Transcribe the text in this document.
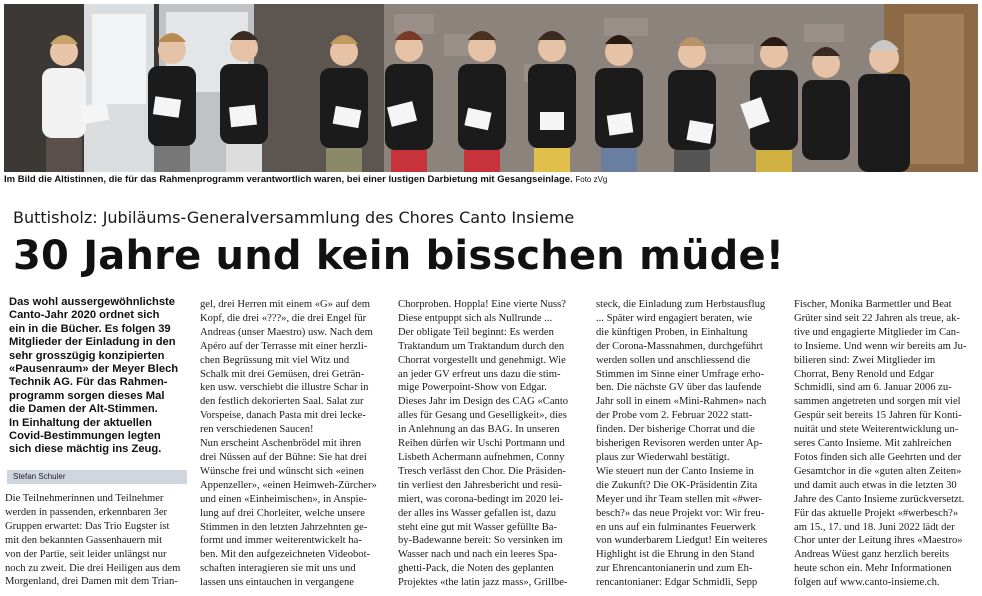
Im Bild die Altistinnen, die für das Rahmenprogramm verantwortlich waren, bei einer lustigen Darbietung mit Gesangseinlage. Foto zVg
Buttisholz: Jubiläums-Generalversammlung des Chores Canto Insieme
30 Jahre und kein bisschen müde!

Das wohl aussergewöhnlichste

Canto-Jahr 2020 ordnet sich

ein in die Bücher. Es folgen 39

Mitglieder der Einladung in den

sehr grosszügig konzipierten

«Pausenraum» der Meyer Blech

Technik AG. Für das Rahmen-

programm sorgen dieses Mal

die Damen der Alt-Stimmen.

In Einhaltung der aktuellen

Covid-Bestimmungen legten

sich diese mächtig ins Zeug.

Stefan Schuler

Die Teilnehmerinnen und Teilnehmer

werden in passenden, erkennbaren 3er

Gruppen erwartet: Das Trio Eugster ist

mit den bekannten Gassenhauern mit

von der Partie, seit leider unlängst nur

noch zu zweit. Die drei Heiligen aus dem

Morgenland, drei Damen mit dem Trian-

gel, drei Herren mit einem «G» auf dem

Kopf, die drei «???», die drei Engel für

Andreas (unser Maestro) usw. Nach dem

Apéro auf der Terrasse mit einer herzli-

chen Begrüssung mit viel Witz und

Schalk mit drei Gemüsen, drei Geträn-

ken usw. verschiebt die illustre Schar in

den festlich dekorierten Saal. Salat zur

Vorspeise, danach Pasta mit drei lecke-

ren verschiedenen Saucen!

Nun erscheint Aschenbrödel mit ihren

drei Nüssen auf der Bühne: Sie hat drei

Wünsche frei und wünscht sich «einen

Appenzeller», «einen Heimweh-Zürcher»

und einen «Einheimischen», in Anspie-

lung auf drei Chorleiter, welche unsere

Stimmen in den letzten Jahrzehnten ge-

formt und immer weiterentwickelt ha-

ben. Mit den aufgezeichneten Videobot-

schaften interagieren sie mit uns und

lassen uns eintauchen in vergangene

Chorproben. Hoppla! Eine vierte Nuss?

Diese entpuppt sich als Nullrunde ...

Der obligate Teil beginnt: Es werden

Traktandum um Traktandum durch den

Chorrat vorgestellt und genehmigt. Wie

an jeder GV erfreut uns dazu die stim-

mige Powerpoint-Show von Edgar.

Dieses Jahr im Design des CAG «Canto

alles für Gesang und Geselligkeit», dies

in Anlehnung an das BAG. In unseren

Reihen dürfen wir Uschi Portmann und

Lisbeth Achermann aufnehmen, Conny

Tresch verlässt den Chor. Die Präsiden-

tin verliest den Jahresbericht und resü-

miert, was corona-bedingt im 2020 lei-

der alles ins Wasser gefallen ist, dazu

steht eine gut mit Wasser gefüllte Ba-

by-Badewanne bereit: So versinken im

Wasser nach und nach ein leeres Spa-

ghetti-Pack, die Noten des geplanten

Projektes «the latin jazz mass», Grillbe-

steck, die Einladung zum Herbstausflug

... Später wird engagiert beraten, wie

die künftigen Proben, in Einhaltung

der Corona-Massnahmen, durchgeführt

werden sollen und anschliessend die

Stimmen im Sinne einer Umfrage erho-

ben. Die nächste GV über das laufende

Jahr soll in einem «Mini-Rahmen» nach

der Probe vom 2. Februar 2022 statt-

finden. Der bisherige Chorrat und die

bisherigen Revisoren werden unter Ap-

plaus zur Wiederwahl bestätigt.

Wie steuert nun der Canto Insieme in

die Zukunft? Die OK-Präsidentin Zita

Meyer und ihr Team stellen mit «#wer-

besch?» das neue Projekt vor: Wir freu-

en uns auf ein fulminantes Feuerwerk

von wunderbarem Liedgut! Ein weiteres

Highlight ist die Ehrung in den Stand

zur Ehrencantonianerin und zum Eh-

rencantonianer: Edgar Schmidli, Sepp

Fischer, Monika Barmettler und Beat

Grüter sind seit 22 Jahren als treue, ak-

tive und engagierte Mitglieder im Can-

to Insieme. Und wenn wir bereits am Ju-

bilieren sind: Zwei Mitglieder im

Chorrat, Beny Renold und Edgar

Schmidli, sind am 6. Januar 2006 zu-

sammen angetreten und sorgen mit viel

Gespür seit bereits 15 Jahren für Konti-

nuität und stete Weiterentwicklung un-

seres Canto Insieme. Mit zahlreichen

Fotos finden sich alle Geehrten und der

Gesamtchor in die «guten alten Zeiten»

und damit auch etwas in die letzten 30

Jahre des Canto Insieme zurückversetzt.

Für das aktuelle Projekt «#werbesch?»

am 15., 17. und 18. Juni 2022 lädt der

Chor unter der Leitung ihres «Maestro»

Andreas Wüest ganz herzlich bereits

heute schon ein. Mehr Informationen

folgen auf www.canto-insieme.ch.
